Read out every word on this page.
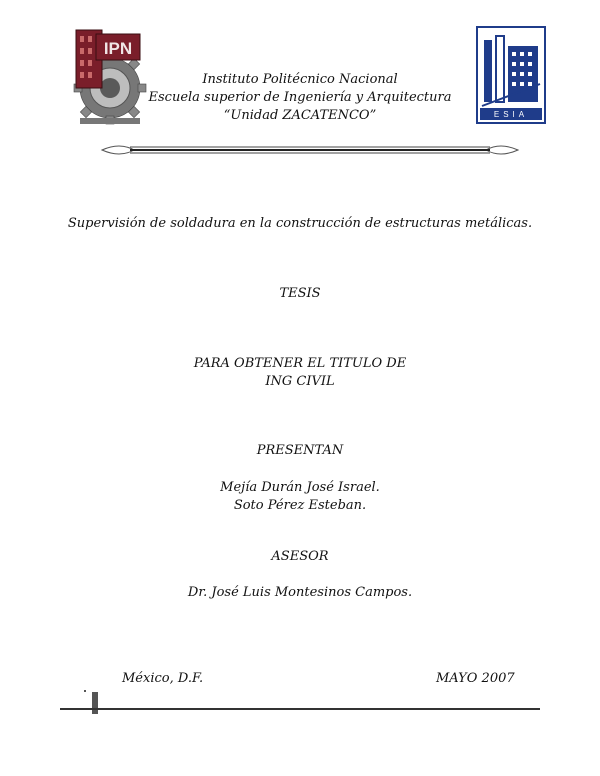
IPN
ESIA
Instituto Politécnico Nacional
Escuela superior de Ingeniería y Arquitectura
“Unidad ZACATENCO”
Supervisión de soldadura en la construcción de estructuras metálicas.
TESIS
PARA OBTENER EL TITULO DE
ING CIVIL
PRESENTAN
Mejía Durán José Israel.
Soto Pérez Esteban.
ASESOR
Dr. José Luis Montesinos Campos.
México, D.F.	MAYO 2007
